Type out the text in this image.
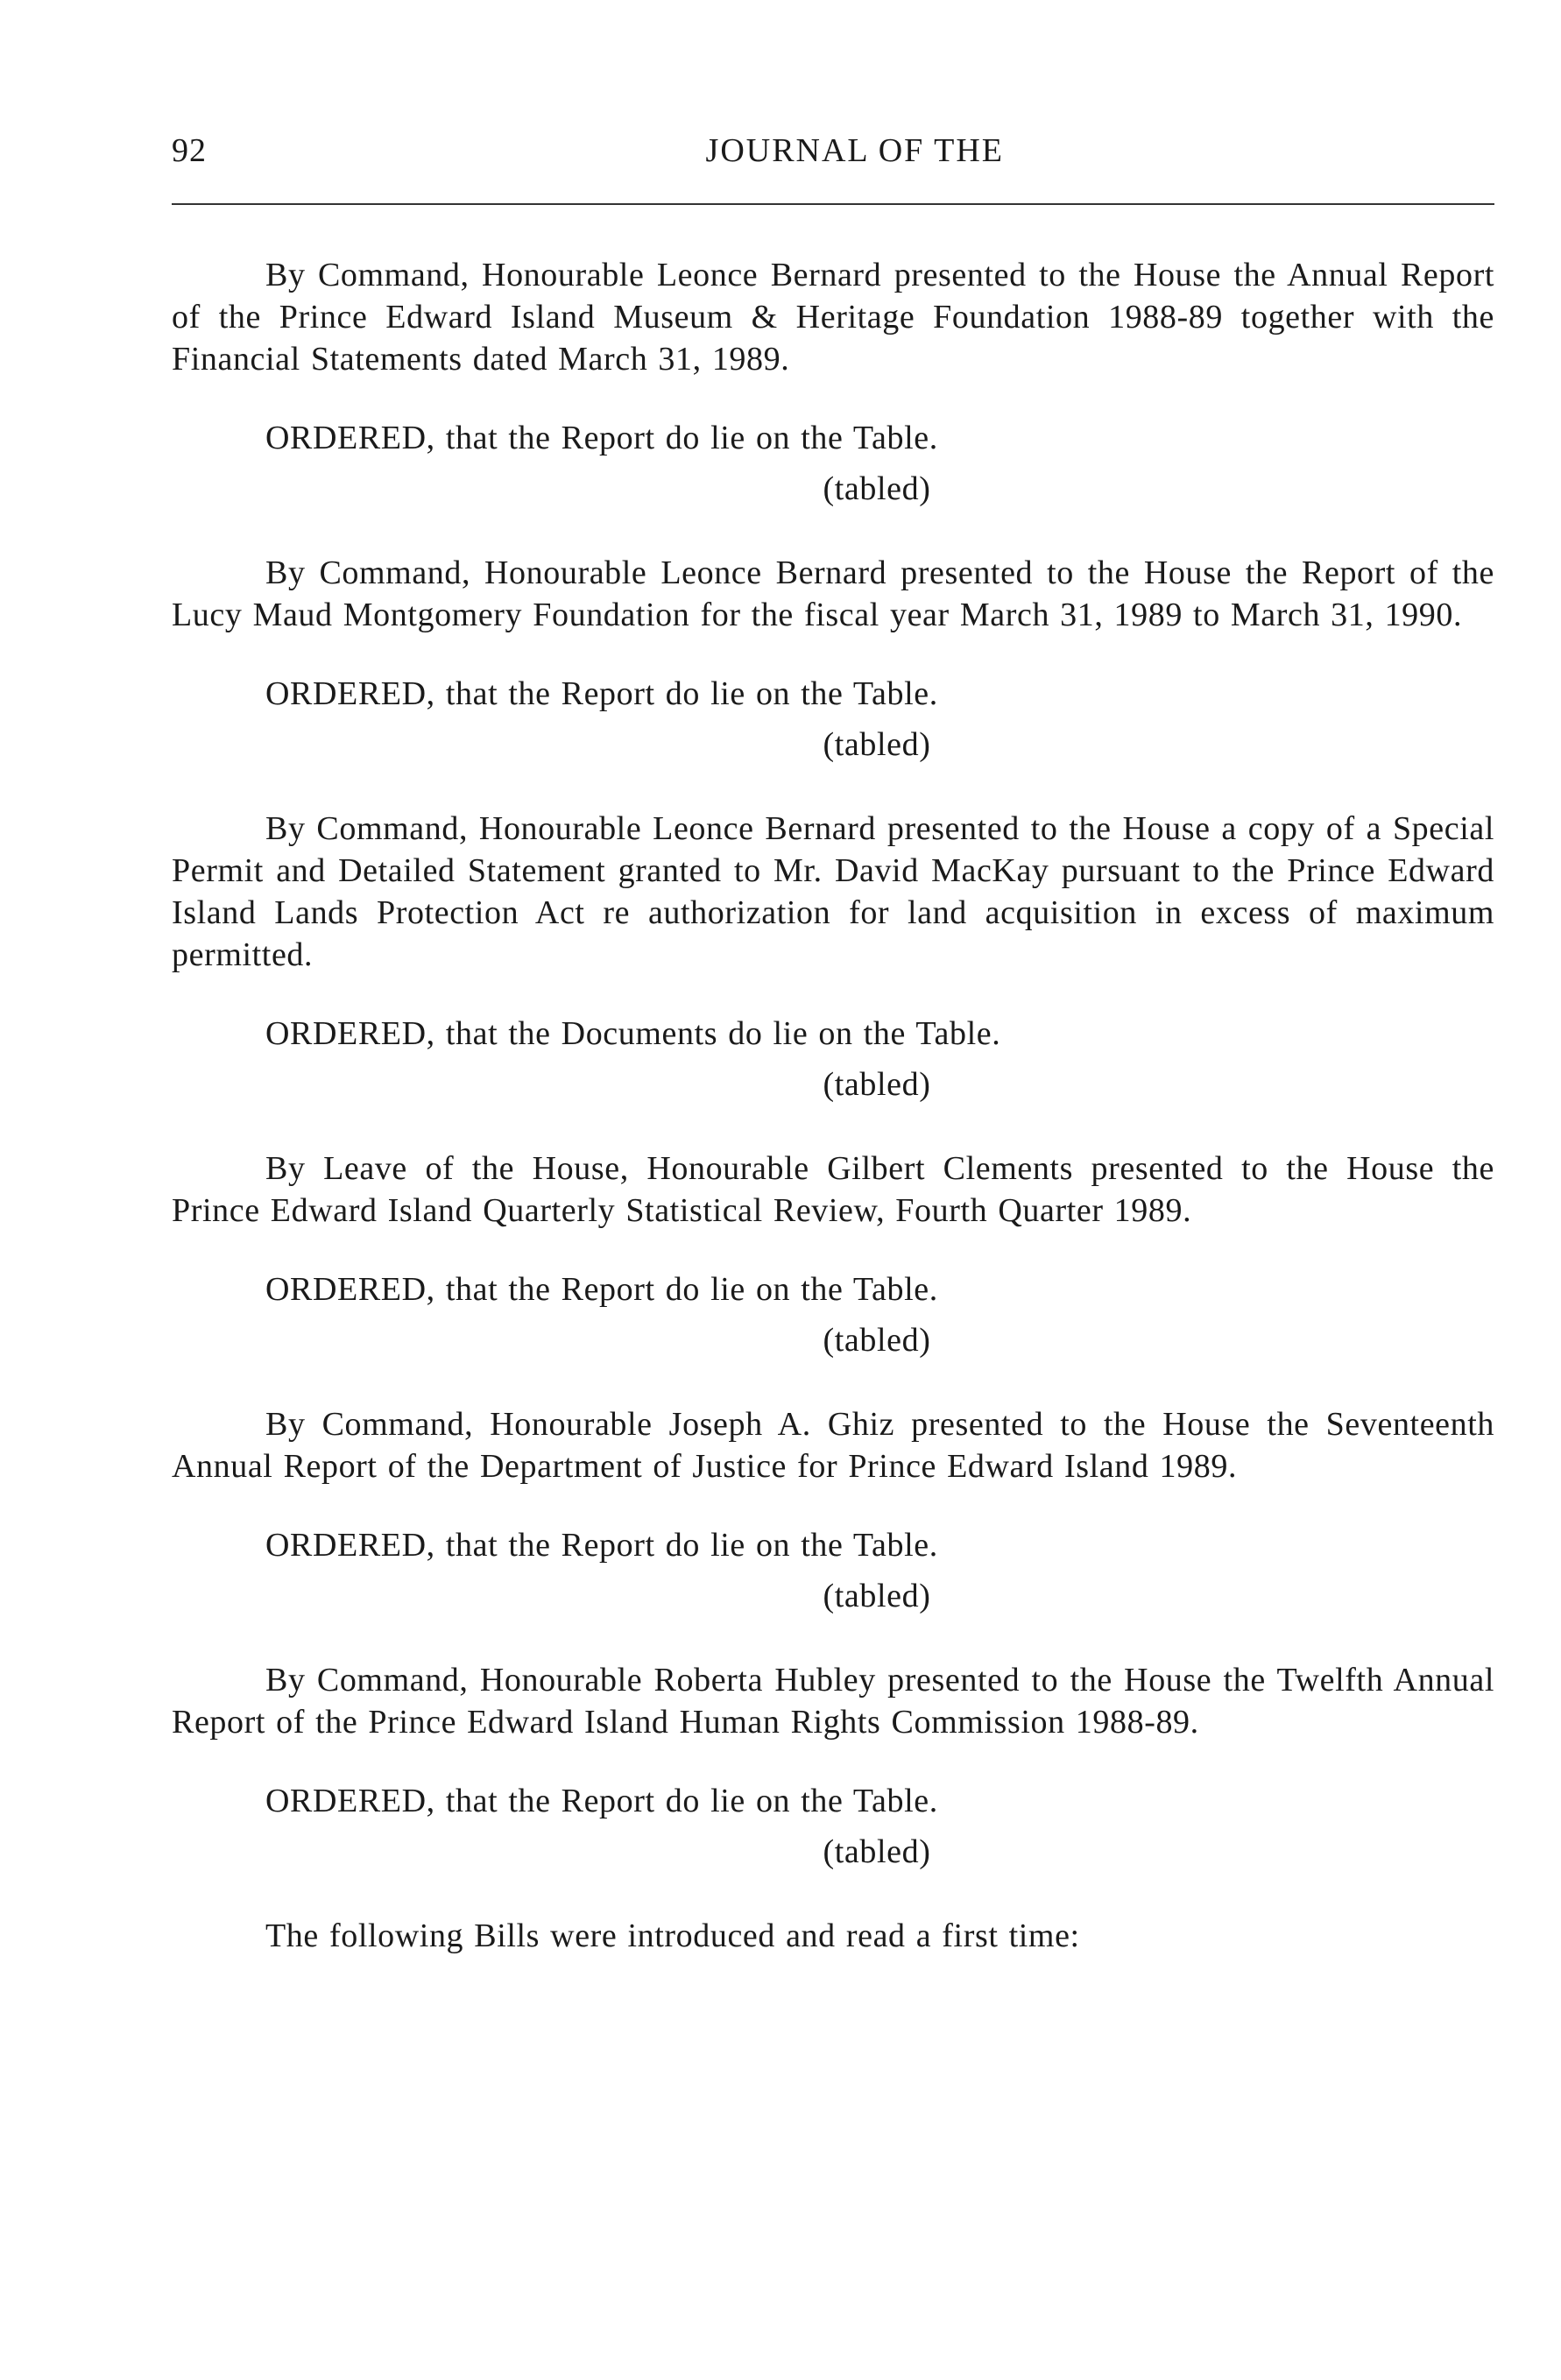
92	JOURNAL OF THE

By Command, Honourable Leonce Bernard presented to the House the Annual Report of the Prince Edward Island Museum & Heritage Foundation 1988-89 together with the Financial Statements dated March 31, 1989.

ORDERED, that the Report do lie on the Table.

(tabled)

By Command, Honourable Leonce Bernard presented to the House the Report of the Lucy Maud Montgomery Foundation for the fiscal year March 31, 1989 to March 31, 1990.

ORDERED, that the Report do lie on the Table.

(tabled)

By Command, Honourable Leonce Bernard presented to the House a copy of a Special Permit and Detailed Statement granted to Mr. David MacKay pursuant to the Prince Edward Island Lands Protection Act re authorization for land acquisition in excess of maximum permitted.

ORDERED, that the Documents do lie on the Table.

(tabled)

By Leave of the House, Honourable Gilbert Clements presented to the House the Prince Edward Island Quarterly Statistical Review, Fourth Quarter 1989.

ORDERED, that the Report do lie on the Table.

(tabled)

By Command, Honourable Joseph A. Ghiz presented to the House the Seventeenth Annual Report of the Department of Justice for Prince Edward Island 1989.

ORDERED, that the Report do lie on the Table.

(tabled)

By Command, Honourable Roberta Hubley presented to the House the Twelfth Annual Report of the Prince Edward Island Human Rights Commission 1988-89.

ORDERED, that the Report do lie on the Table.

(tabled)

The following Bills were introduced and read a first time:
